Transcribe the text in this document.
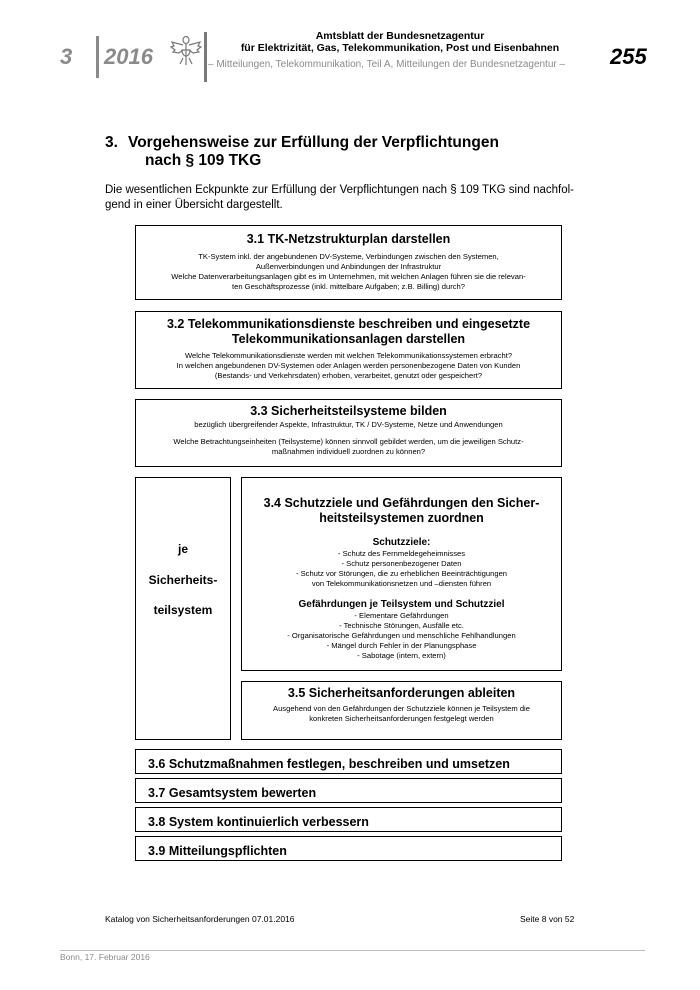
3 2016
Amtsblatt der Bundesnetzagentur
für Elektrizität, Gas, Telekommunikation, Post und Eisenbahnen
– Mitteilungen, Telekommunikation, Teil A, Mitteilungen der Bundesnetzagentur – 255
3. Vorgehensweise zur Erfüllung der Verpflichtungen
nach § 109 TKG
Die wesentlichen Eckpunkte zur Erfüllung der Verpflichtungen nach § 109 TKG sind nachfol-
gend in einer Übersicht dargestellt.
3.1 TK-Netzstrukturplan darstellen
TK-System inkl. der angebundenen DV-Systeme, Verbindungen zwischen den Systemen,
Außenverbindungen und Anbindungen der Infrastruktur
Welche Datenverarbeitungsanlagen gibt es im Unternehmen, mit welchen Anlagen führen sie die relevan-
ten Geschäftsprozesse (inkl. mittelbare Aufgaben; z.B. Billing) durch?
3.2 Telekommunikationsdienste beschreiben und eingesetzte
Telekommunikationsanlagen darstellen
Welche Telekommunikationsdienste werden mit welchen Telekommunikationssystemen erbracht?
In welchen angebundenen DV-Systemen oder Anlagen werden personenbezogene Daten von Kunden
(Bestands- und Verkehrsdaten) erhoben, verarbeitet, genutzt oder gespeichert?
3.3 Sicherheitsteilsysteme bilden
bezüglich übergreifender Aspekte, Infrastruktur, TK / DV-Systeme, Netze und Anwendungen
Welche Betrachtungseinheiten (Teilsysteme) können sinnvoll gebildet werden, um die jeweiligen Schutz-
maßnahmen individuell zuordnen zu können?
je
Sicherheits-
teilsystem
3.4 Schutzziele und Gefährdungen den Sicher-
heitsteilsystemen zuordnen
Schutzziele:
- Schutz des Fernmeldegeheimnisses
- Schutz personenbezogener Daten
- Schutz vor Störungen, die zu erheblichen Beeinträchtigungen
von Telekommunikationsnetzen und –diensten führen
Gefährdungen je Teilsystem und Schutzziel
- Elementare Gefährdungen
- Technische Störungen, Ausfälle etc.
- Organisatorische Gefährdungen und menschliche Fehlhandlungen
- Mängel durch Fehler in der Planungsphase
- Sabotage (intern, extern)
3.5 Sicherheitsanforderungen ableiten
Ausgehend von den Gefährdungen der Schutzziele können je Teilsystem die
konkreten Sicherheitsanforderungen festgelegt werden
3.6 Schutzmaßnahmen festlegen, beschreiben und umsetzen
3.7 Gesamtsystem bewerten
3.8 System kontinuierlich verbessern
3.9 Mitteilungspflichten
Katalog von Sicherheitsanforderungen 07.01.2016	Seite 8 von 52
Bonn, 17. Februar 2016
